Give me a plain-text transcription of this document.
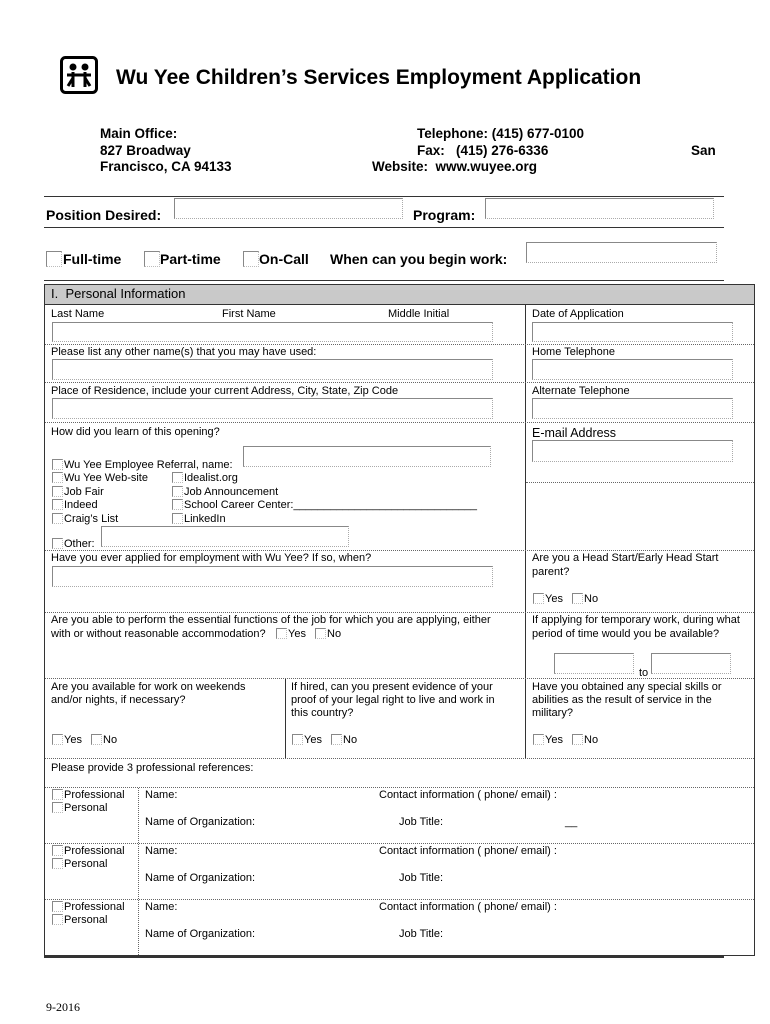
Wu Yee Children’s Services Employment Application
Main Office:
827 Broadway
Francisco, CA 94133
Telephone: (415) 677-0100
Fax:   (415) 276-6336
Website:  www.wuyee.org
San
Position Desired:	Program:
Full-time	Part-time	On-Call When can you begin work:
I. Personal Information
Last Name	First Name	Middle Initial	Date of Application
Please list any other name(s) that you may have used:	Home Telephone
Place of Residence, include your current Address, City, State, Zip Code	Alternate Telephone
How did you learn of this opening?	E-mail Address
Wu Yee Employee Referral, name:
Wu Yee Web-site	Idealist.org
Job Fair	Job Announcement
Indeed	School Career Center:______________________________
Craig’s List	LinkedIn
Other:
Have you ever applied for employment with Wu Yee? If so, when?	Are you a Head Start/Early Head Start
parent?
Yes No
Are you able to perform the essential functions of the job for which you are applying, either
with or without reasonable accommodation? Yes No
If applying for temporary work, during what
period of time would you be available?
to
Are you available for work on weekends
and/or nights, if necessary?
Yes No
If hired, can you present evidence of your
proof of your legal right to live and work in
this country?
Yes No
Have you obtained any special skills or
abilities as the result of service in the
military?
Yes No
Please provide 3 professional references:
Professional
Personal
Name:	Contact information ( phone/ email) :
Name of Organization:	Job Title:	__
Professional
Personal
Name:	Contact information ( phone/ email) :
Name of Organization:	Job Title:
Professional
Personal
Name:	Contact information ( phone/ email) :
Name of Organization:	Job Title:
9-2016
